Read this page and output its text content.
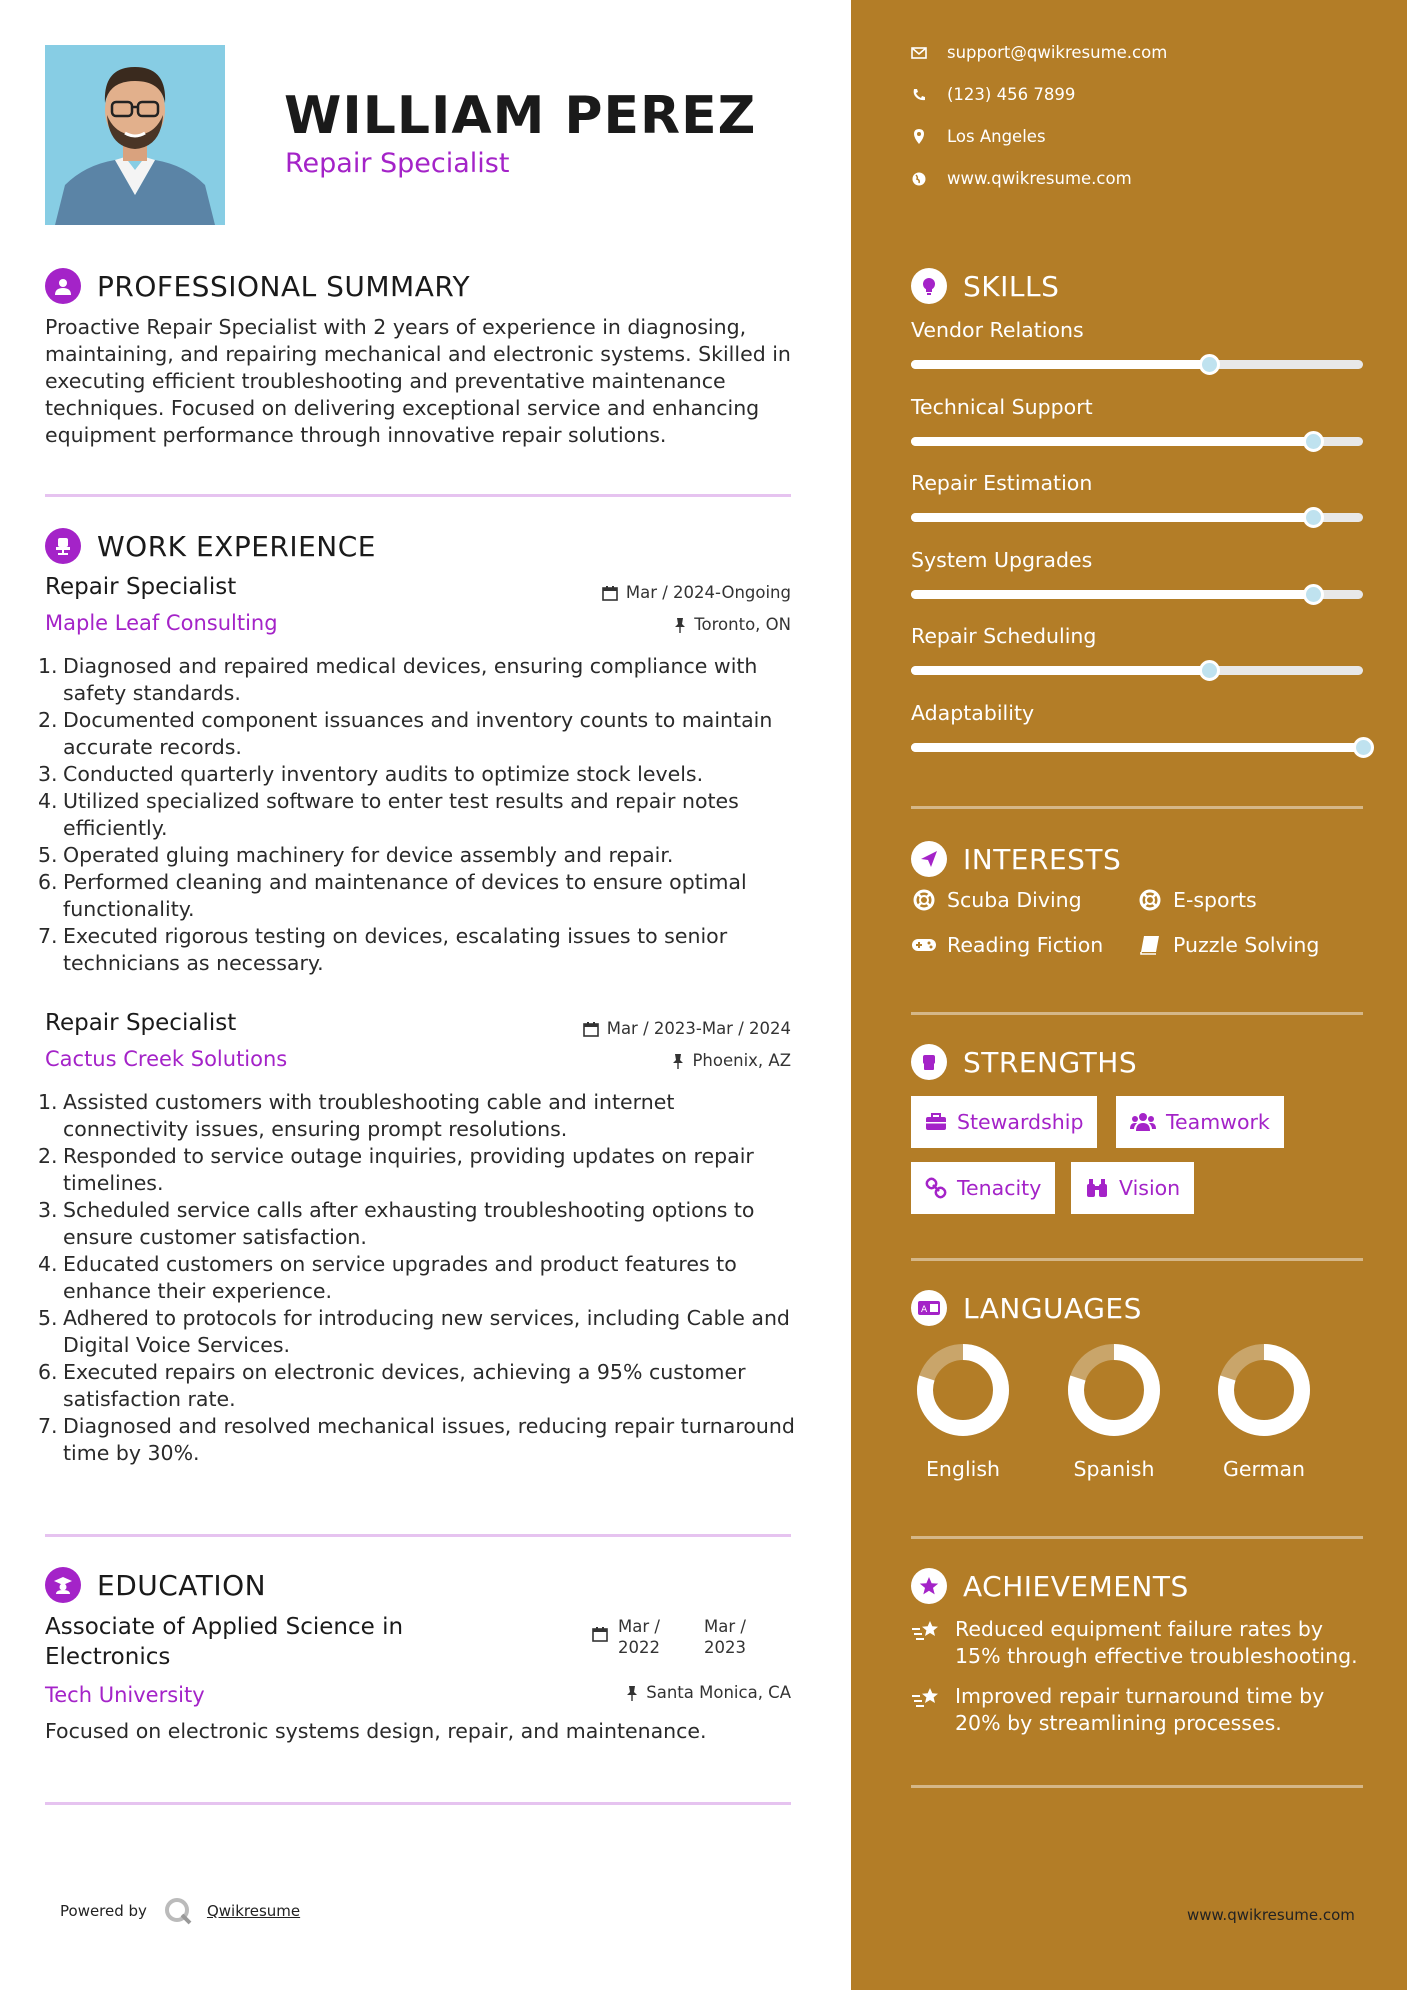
WILLIAM PEREZ
Repair Specialist
PROFESSIONAL SUMMARY
Proactive Repair Specialist with 2 years of experience in diagnosing, maintaining, and repairing mechanical and electronic systems. Skilled in executing efficient troubleshooting and preventative maintenance techniques. Focused on delivering exceptional service and enhancing equipment performance through innovative repair solutions.
WORK EXPERIENCE
Repair Specialist	Mar / 2024-Ongoing
Maple Leaf Consulting	Toronto, ON
Diagnosed and repaired medical devices, ensuring compliance with safety standards.
Documented component issuances and inventory counts to maintain accurate records.
Conducted quarterly inventory audits to optimize stock levels.
Utilized specialized software to enter test results and repair notes efficiently.
Operated gluing machinery for device assembly and repair.
Performed cleaning and maintenance of devices to ensure optimal functionality.
Executed rigorous testing on devices, escalating issues to senior technicians as necessary.
Repair Specialist	Mar / 2023-Mar / 2024
Cactus Creek Solutions	Phoenix, AZ
Assisted customers with troubleshooting cable and internet connectivity issues, ensuring prompt resolutions.
Responded to service outage inquiries, providing updates on repair timelines.
Scheduled service calls after exhausting troubleshooting options to ensure customer satisfaction.
Educated customers on service upgrades and product features to enhance their experience.
Adhered to protocols for introducing new services, including Cable and Digital Voice Services.
Executed repairs on electronic devices, achieving a 95% customer satisfaction rate.
Diagnosed and resolved mechanical issues, reducing repair turnaround time by 30%.
EDUCATION
Associate of Applied Science in Electronics
Mar /
2022
Mar /
2023
Tech University	Santa Monica, CA
Focused on electronic systems design, repair, and maintenance.
Powered by	Qwikresume
support@qwikresume.com
(123) 456 7899
Los Angeles
www.qwikresume.com
SKILLS
Vendor Relations
Technical Support
Repair Estimation
System Upgrades
Repair Scheduling
Adaptability
INTERESTS
Scuba Diving	E-sports
Reading Fiction	Puzzle Solving
STRENGTHS
Stewardship	Teamwork
Tenacity	Vision
A LANGUAGES
English	Spanish	German
ACHIEVEMENTS
Reduced equipment failure rates by 15% through effective troubleshooting.
Improved repair turnaround time by 20% by streamlining processes.
www.qwikresume.com
